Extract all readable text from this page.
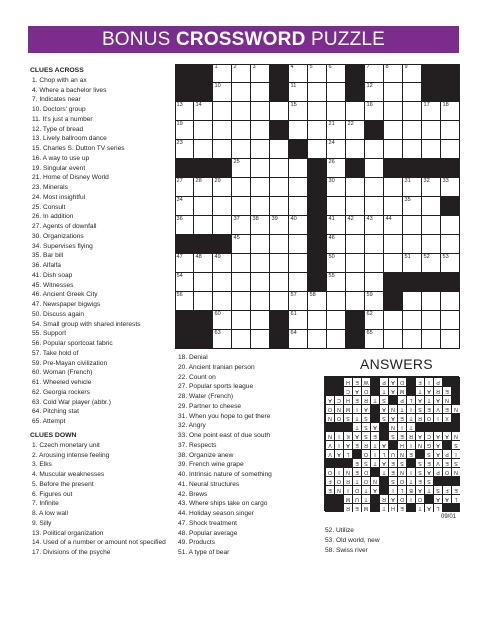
BONUS CROSSWORD PUZZLE
CLUES ACROSS
1. Chop with an ax
4. Where a bachelor lives
7. Indicates near
10. Doctors’ group
11. It’s just a number
12. Type of bread
13. Lively ballroom dance
15. Charles S. Dutton TV series
16. A way to use up
19. Singular event
21. Home of Disney World
23. Minerals
24. Most insightful
25. Consult
26. In addition
27. Agents of downfall
30. Organizations
34. Supervises flying
35. Bar bill
36. Alfalfa
41. Dish soap
45. Witnesses
46. Ancient Greek City
47. Newspaper bigwigs
50. Discuss again
54. Small group with shared interests
55. Support
56. Popular sportcoat fabric
57. Take hold of
59. Pre-Mayan civilization
60. Woman (French)
61. Wheeled vehicle
62. Georgia rockers
63. Cold War player (abbr.)
64. Pitching stat
65. Attempt
CLUES DOWN
1. Czech monetary unit
2. Arousing intense feeling
3. Elks
4. Muscular weaknesses
5. Before the present
6. Figures out
7. Infinite
8. A low wall
9. Silly
13. Political organization
14. Used of a number or amount not specified
17. Divisions of the psyche
18. Denial
20. Ancient Iranian person
22. Count on
27. Popular sports league
28. Water (French)
29. Partner to cheese
31. When you hope to get there
32. Angry
33. One point east of due south
37. Respects
38. Organize anew
39. French wine grape
40. Intrinsic nature of something
41. Neural structures
42. Brews
43. Where ships take on cargo
44. Holiday season singer
47. Shock treatment
48. Popular average
49. Products
51. A type of bear
52. Utilize
53. Old world, new
58. Swiss river
1	2	3	4	5	6	7	8	9
10	11	12
13 14	15	16	17 18
19	21 22
23	24
25	26
27 28 29	30	31 32 33
34	35
36	37 38 39 40	41 42 43 44
45	46
47 48 49	50	51 52 53
54	55
56	57 58	59
60	61	62
63	64	65
ANSWERS
H	E W	P	A	D	F	I	P
C	A	D	T	A M	T	A	R	E
A	C	H	E	R	T	S	P	L	A	T	A	N
O N M	I	A	A	N	T	I	S	E	V	E	N
N O	S	T	S	S	A	E	T	R O	I	X
T	S	A	N	I	T
N	I	K	A	S	E	S	E	R	A	C	A	A	N
V	I	A	E	R	T	A	H	I	N G	A	S
V	A	L	O	I	L	U	N	E	S	A	P	I
E	S	T	A	E	S	S	E	V	E	S
O	I	N	E	D	T	E	N	I	S	A	P	O N
F	O R	T	O N	S	O	T	E	S
E	N	I	D	T	A	I	L	B	A	T	S	F	E
M U	T	R	A	D	I	O	A	A	L
R	E M	T	H	E	T	A	L
09/01
